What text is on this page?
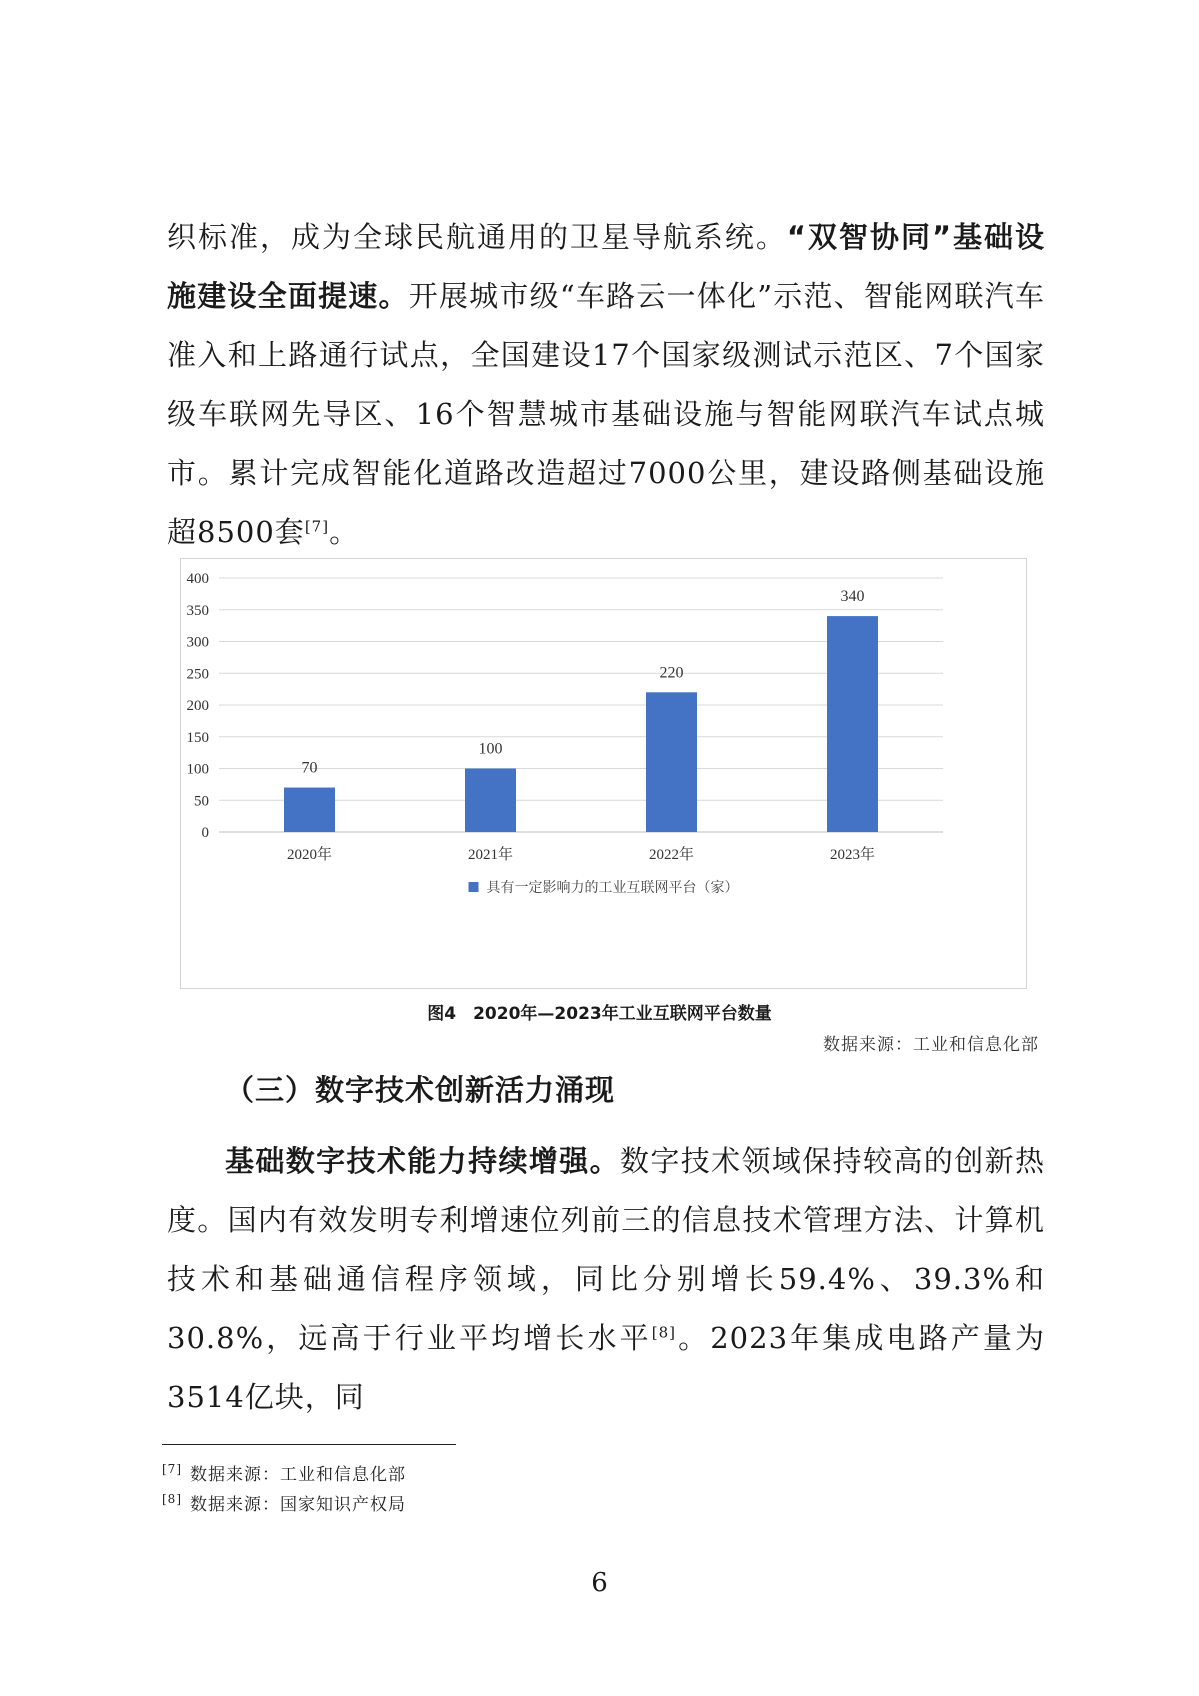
织标准，成为全球民航通用的卫星导航系统。“双智协同”基础设施建设全面提速。开展城市级“车路云一体化”示范、智能网联汽车准入和上路通行试点，全国建设17个国家级测试示范区、7个国家级车联网先导区、16个智慧城市基础设施与智能网联汽车试点城市。累计完成智能化道路改造超过7000公里，建设路侧基础设施超8500套[7]。
0
50
100
150
200
250
300
350
400
70
2020年
100
2021年
220
2022年
340
2023年
具有一定影响力的工业互联网平台（家）
图4　2020年—2023年工业互联网平台数量
数据来源：工业和信息化部
（三）数字技术创新活力涌现
基础数字技术能力持续增强。数字技术领域保持较高的创新热度。国内有效发明专利增速位列前三的信息技术管理方法、计算机技术和基础通信程序领域，同比分别增长59.4%、39.3%和30.8%，远高于行业平均增长水平[8]。2023年集成电路产量为3514亿块，同
[7] 数据来源：工业和信息化部
[8] 数据来源：国家知识产权局
6
